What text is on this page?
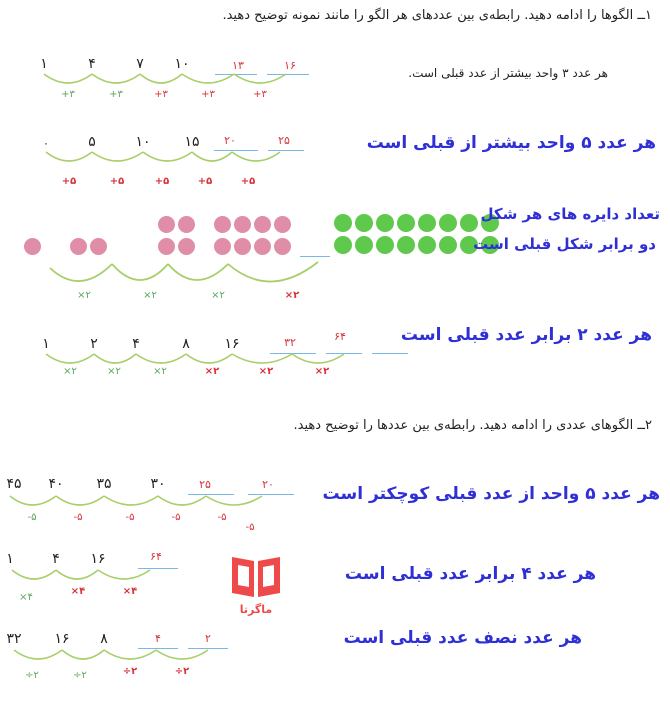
۱ــ الگوها را ادامه دهید. رابطه‌ی بین عددهای هر الگو را مانند نمونه توضیح دهید.
۱	۴	۷ ۱۰	۱۳	۱۶
+۳	+۳	+۳	+۳	+۳
هر عدد ۳ واحد بیشتر از عدد قبلی است.
۰	۵	۱۰ ۱۵ ۲۰	۲۵
+۵	+۵	+۵	+۵	+۵
هر عدد ۵ واحد بیشتر از قبلی است
×۲	×۲	×۲	×۲
تعداد دایره های هر شکل
دو برابر شکل قبلی است
۱	۲ ۴	۸ ۱۶	۳۲	۶۴
×۲	×۲	×۲	×۲	×۲	×۲
هر عدد ۲ برابر عدد قبلی است
۲ــ الگوهای عددی را ادامه دهید. رابطه‌ی بین عددها را توضیح دهید.
۴۵ ۴۰ ۳۵	۳۰	۲۵	۲۰
-۵	-۵	-۵	-۵	-۵
-۵
هر عدد ۵ واحد از عدد قبلی کوچکتر است
۱	۴ ۱۶	۶۴
×۴
×۴	×۴
ماگرتا
هر عدد ۴ برابر عدد قبلی است
۳۲ ۱۶ ۸	۴	۲
÷۲	÷۲	÷۲	÷۲
هر عدد نصف عدد قبلی است
